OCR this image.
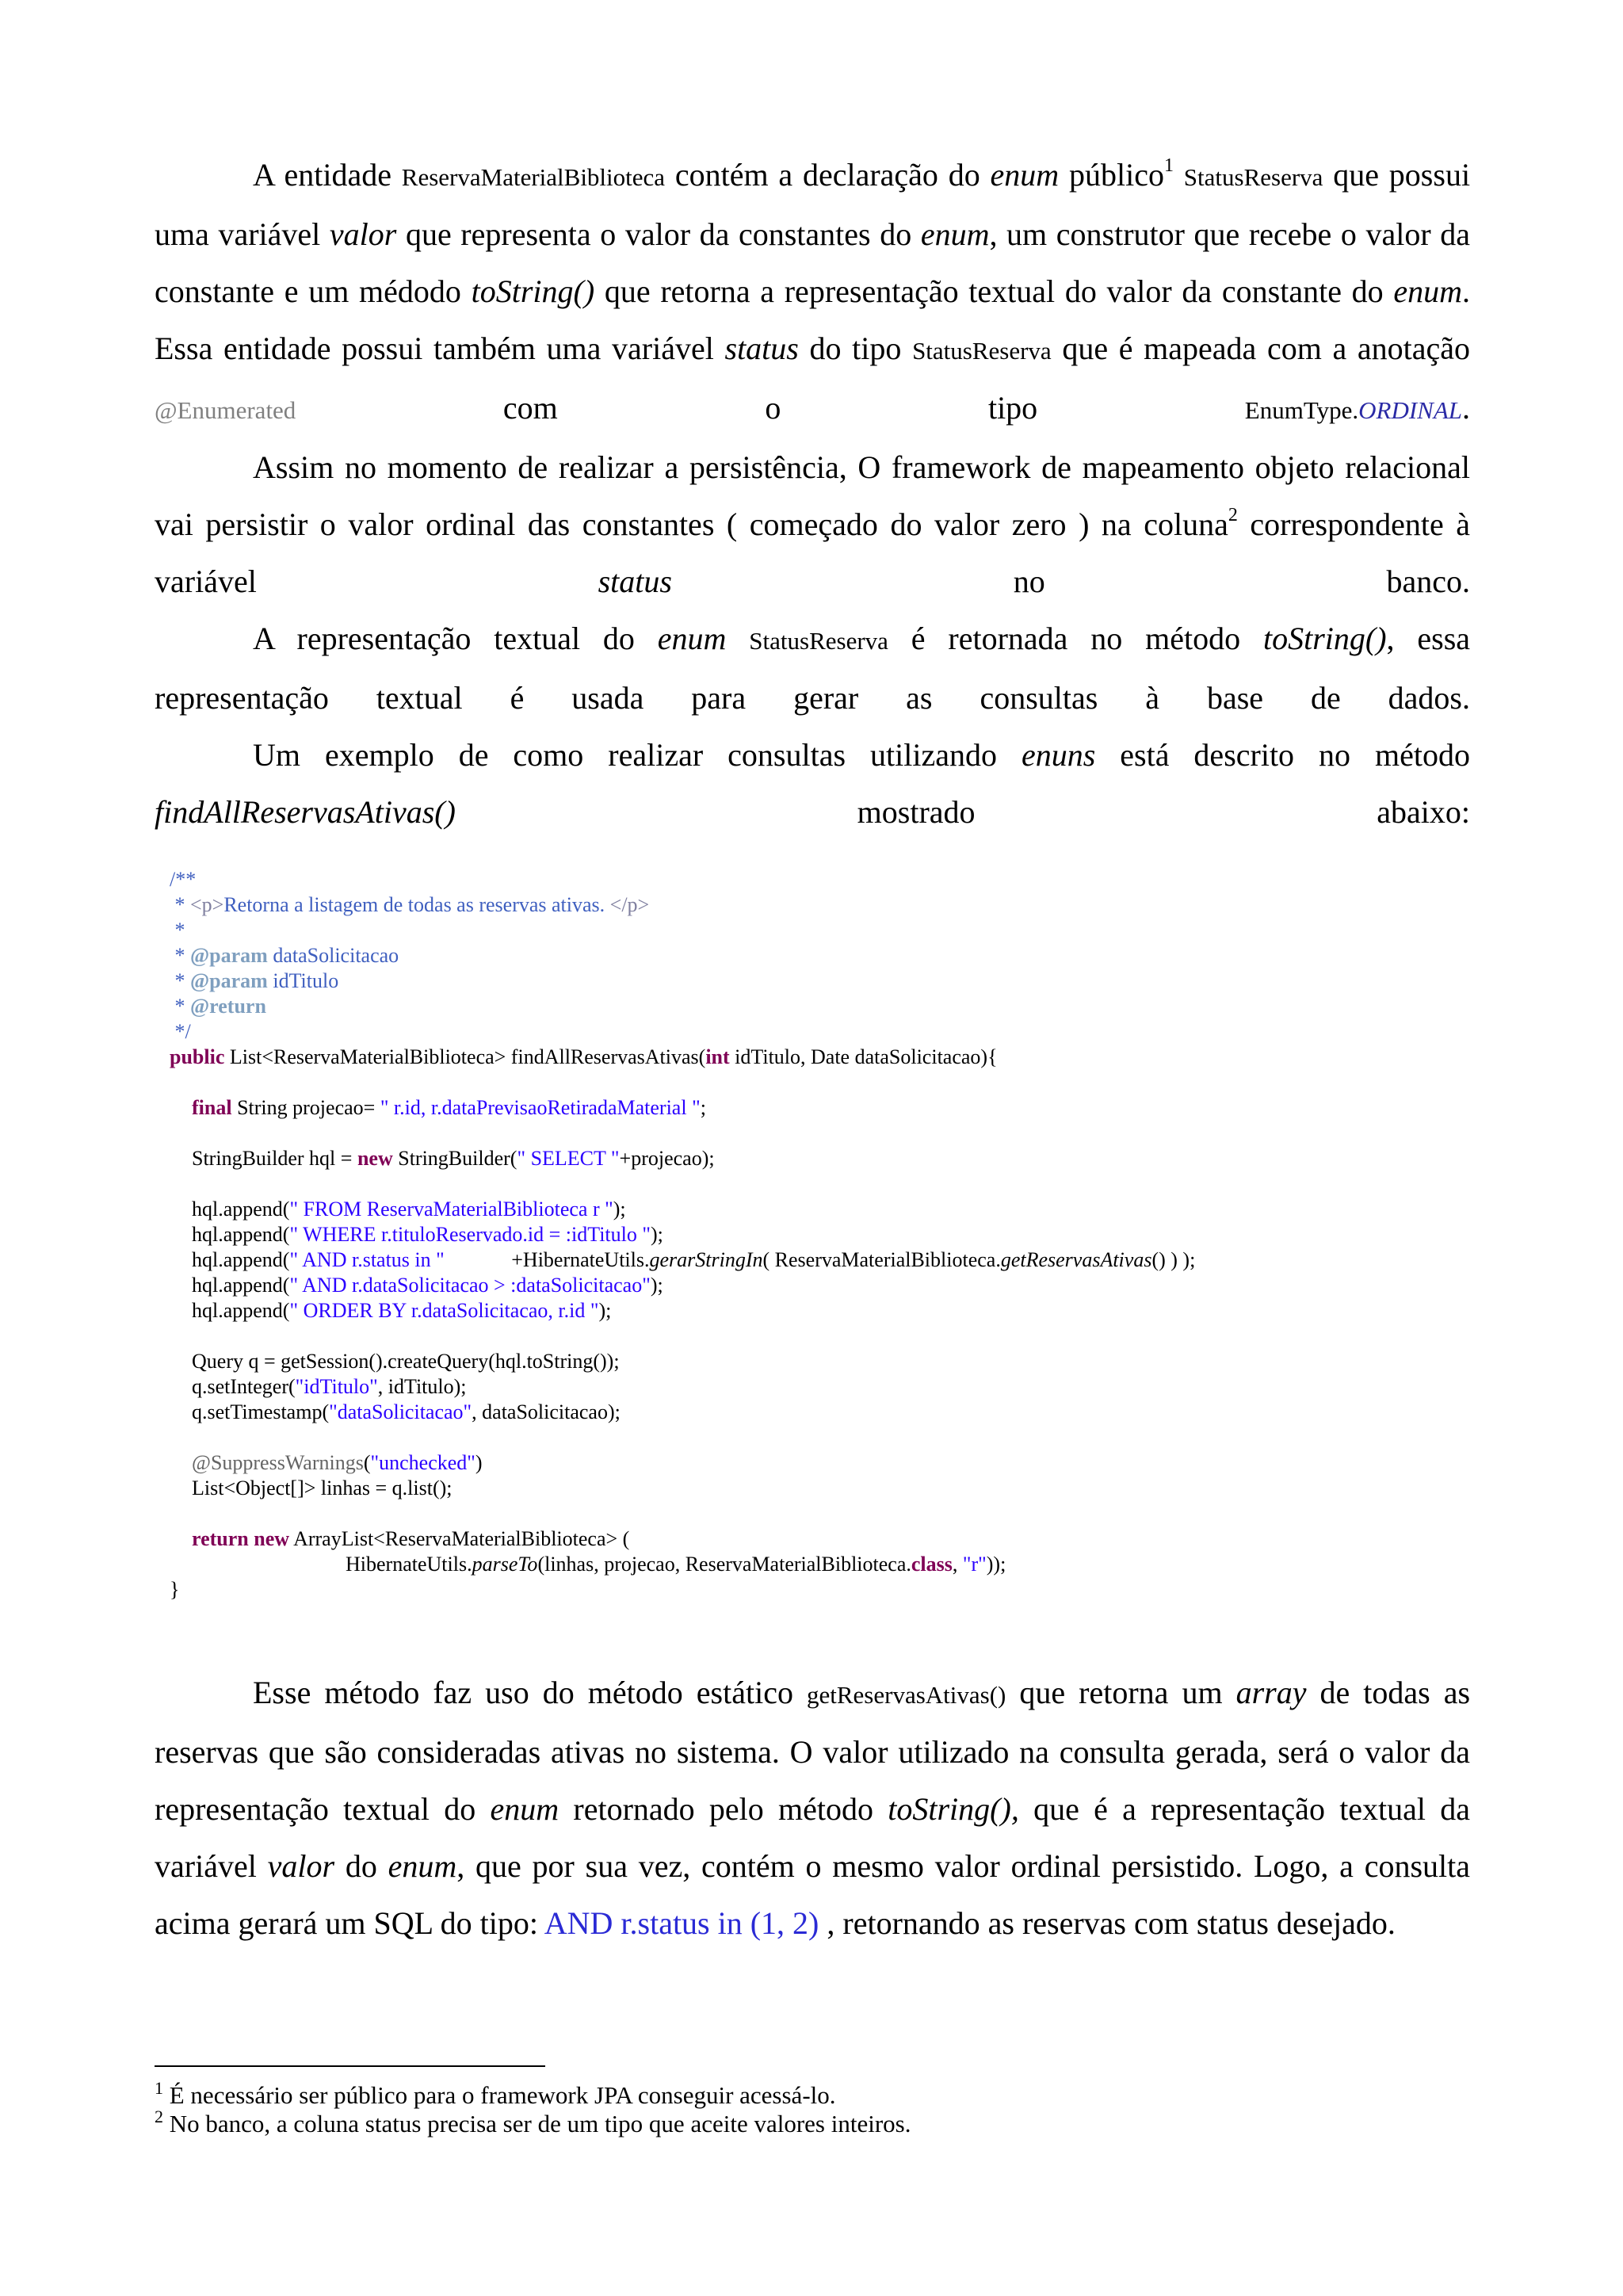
A entidade ReservaMaterialBiblioteca contém a declaração do enum público$^1$ StatusReserva que possui uma variável valor que representa o valor da constantes do enum, um construtor que recebe o valor da constante e um médodo toString() que retorna a representação textual do valor da constante do enum. Essa entidade possui também uma variável status do tipo StatusReserva que é mapeada com a anotação @Enumerated	com o tipo	EnumType.ORDINAL.

Assim no momento de realizar a persistência, O framework de mapeamento objeto relacional vai persistir o valor ordinal das constantes ( começado do valor zero ) na coluna$^2$ correspondente à variável	status	no banco.

A representação textual do enum StatusReserva é retornada no método toString(), essa representação textual é usada para gerar as consultas à base de dados.

Um exemplo de como realizar consultas utilizando enuns está descrito no método findAllReservasAtivas()	mostrado abaixo:

/**
* <p>Retorna a listagem de todas as reservas ativas. </p>
*
* @param dataSolicitacao
* @param idTitulo
* @return
*/
public List<ReservaMaterialBiblioteca> findAllReservasAtivas(int idTitulo, Date dataSolicitacao){
final String projecao= " r.id, r.dataPrevisaoRetiradaMaterial ";
StringBuilder hql = new StringBuilder(" SELECT "+projecao);
hql.append(" FROM ReservaMaterialBiblioteca r ");
hql.append(" WHERE r.tituloReservado.id = :idTitulo ");
hql.append(" AND r.status in "             +HibernateUtils.gerarStringIn( ReservaMaterialBiblioteca.getReservasAtivas() ) );
hql.append(" AND r.dataSolicitacao > :dataSolicitacao");
hql.append(" ORDER BY r.dataSolicitacao, r.id ");
Query q = getSession().createQuery(hql.toString());
q.setInteger("idTitulo", idTitulo);
q.setTimestamp("dataSolicitacao", dataSolicitacao);
@SuppressWarnings("unchecked")
List<Object[]> linhas = q.list();
return new ArrayList<ReservaMaterialBiblioteca> (
HibernateUtils.parseTo(linhas, projecao, ReservaMaterialBiblioteca.class, "r"));
}

Esse método faz uso do método estático getReservasAtivas() que retorna um array de todas as reservas que são consideradas ativas no sistema. O valor utilizado na consulta gerada, será o valor da representação textual do enum retornado pelo método toString(), que é a representação textual da variável valor do enum, que por sua vez, contém o mesmo valor ordinal persistido. Logo, a consulta acima gerará um SQL do tipo: AND r.status in (1, 2) , retornando as reservas com status desejado.

$^1$ É necessário ser público para o framework JPA conseguir acessá-lo.
$^2$ No banco, a coluna status precisa ser de um tipo que aceite valores inteiros.
